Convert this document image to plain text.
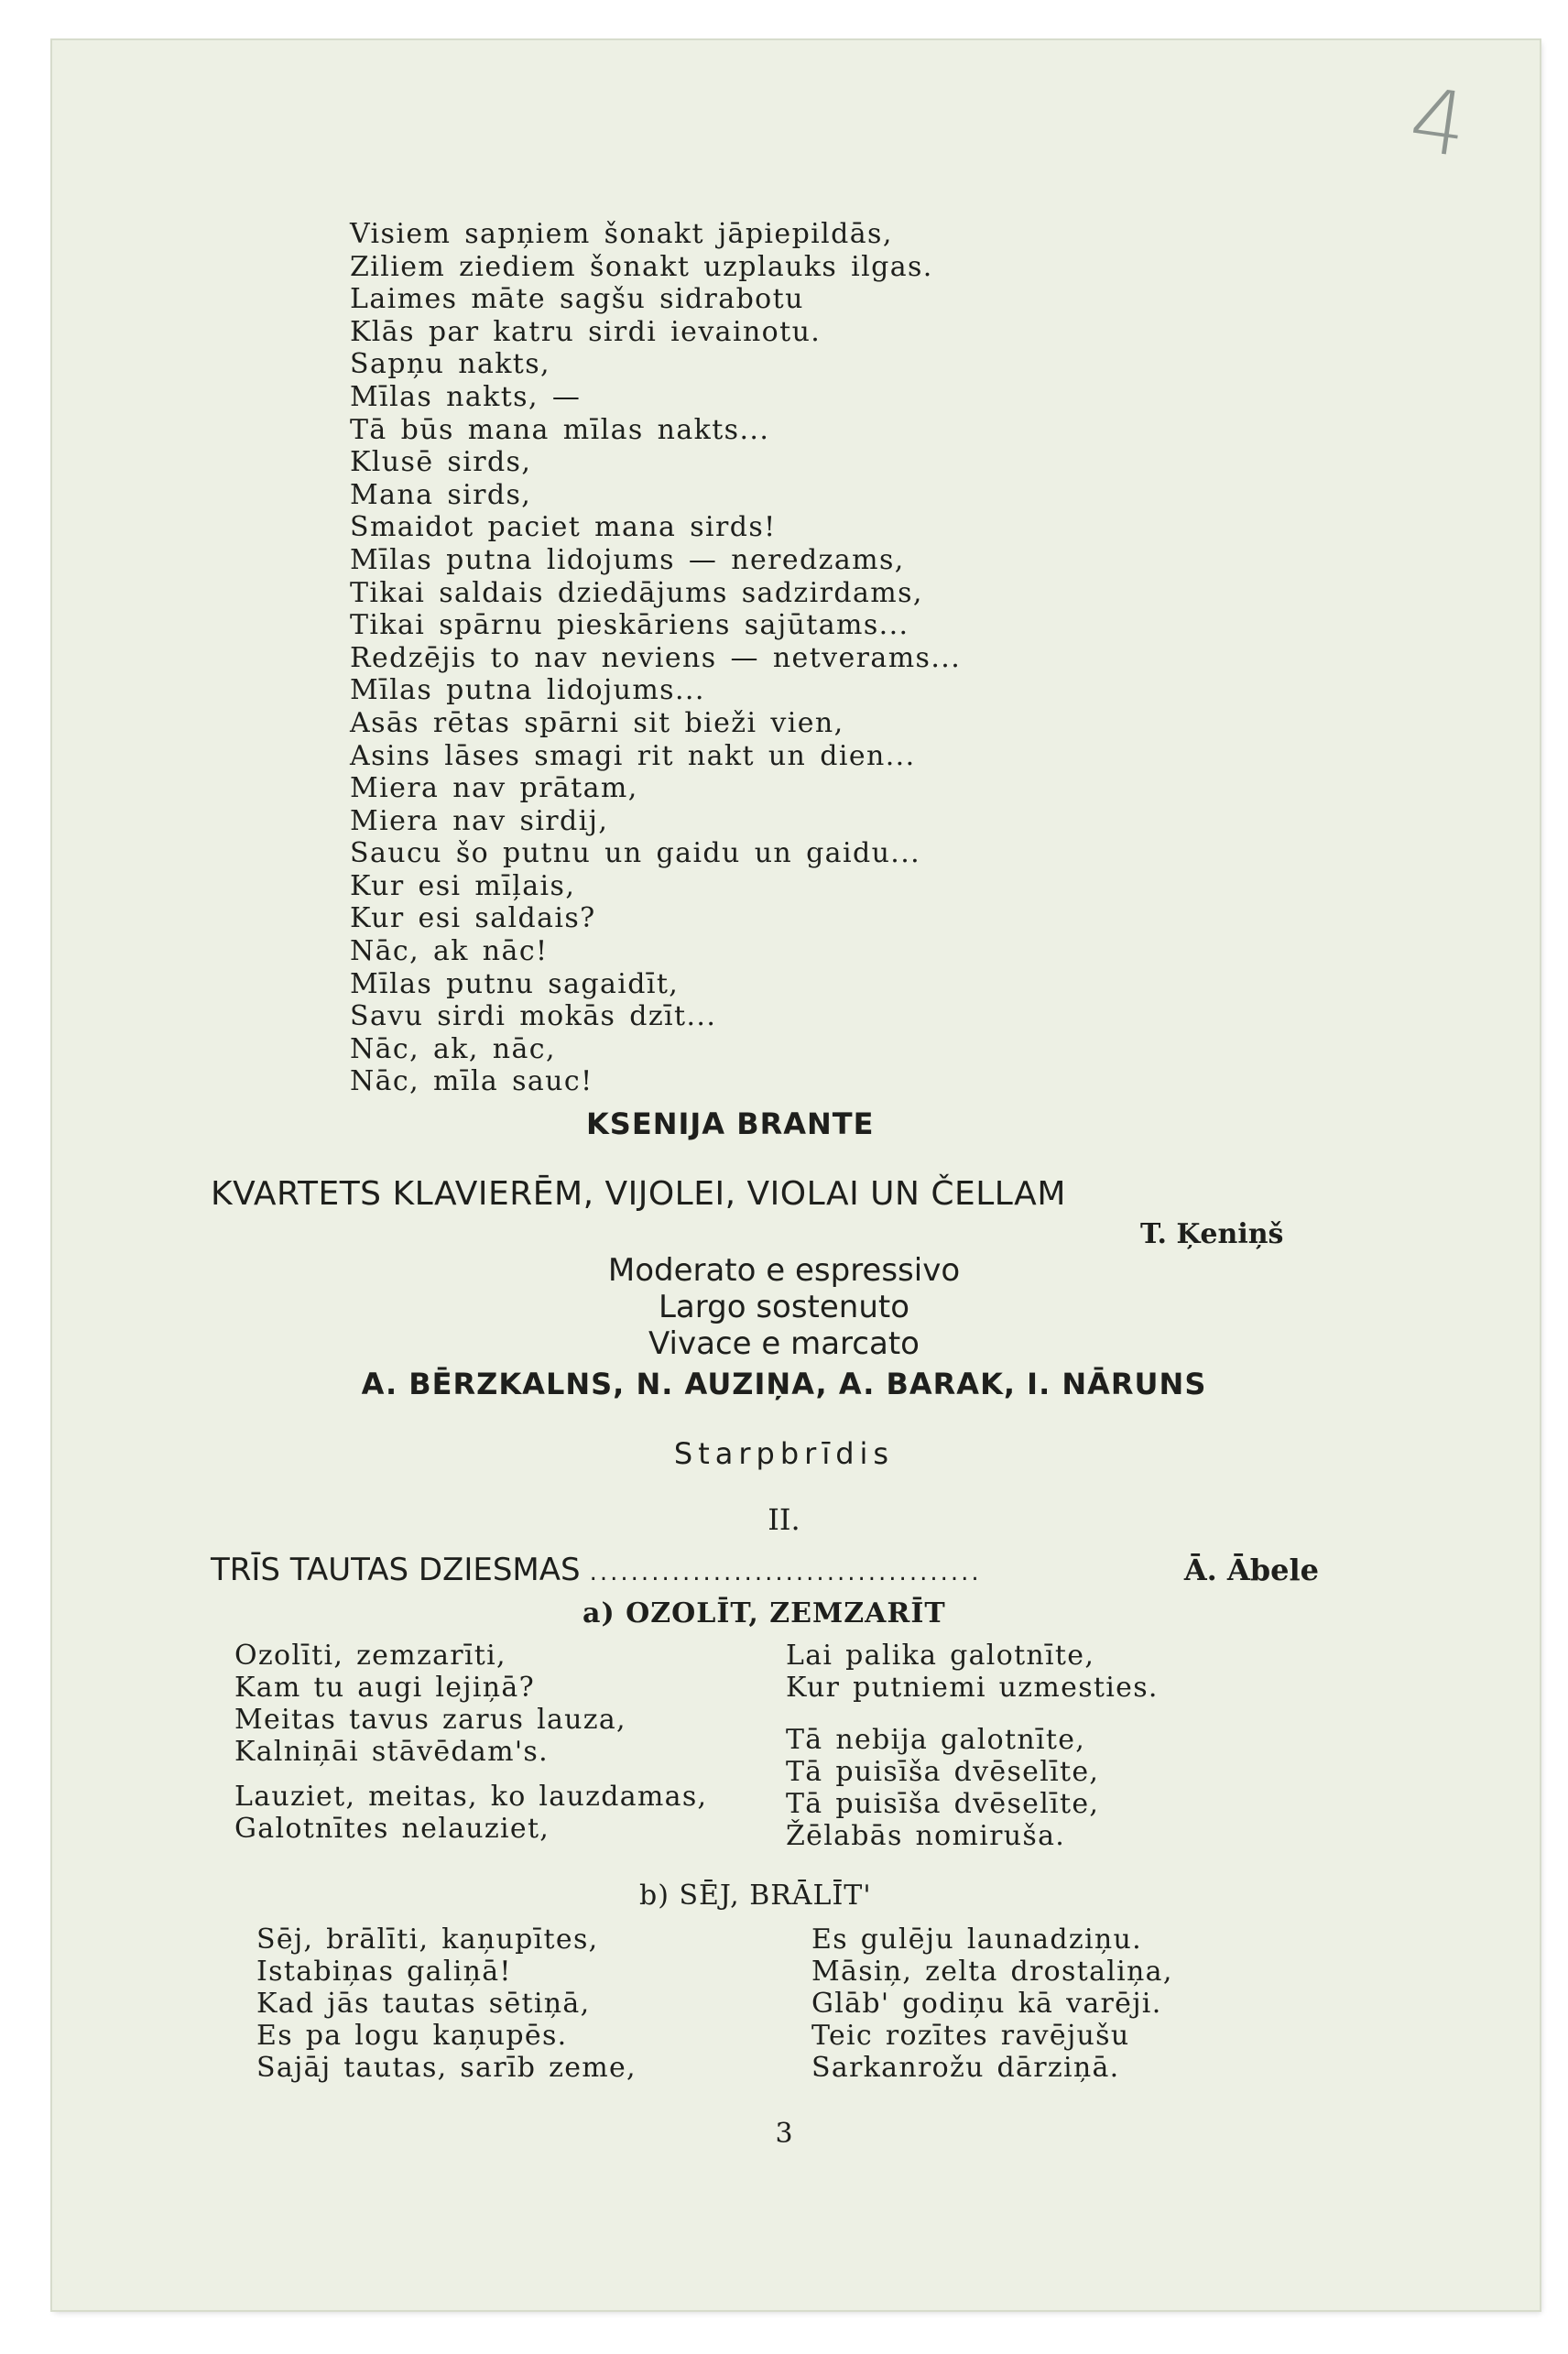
4
Visiem sapņiem šonakt jāpiepildās,
Ziliem ziediem šonakt uzplauks ilgas.
Laimes māte sagšu sidrabotu
Klās par katru sirdi ievainotu.
Sapņu nakts,
Mīlas nakts, —
Tā būs mana mīlas nakts...
Klusē sirds,
Mana sirds,
Smaidot paciet mana sirds!
Mīlas putna lidojums — neredzams,
Tikai saldais dziedājums sadzirdams,
Tikai spārnu pieskāriens sajūtams...
Redzējis to nav neviens — netverams...
Mīlas putna lidojums...
Asās rētas spārni sit bieži vien,
Asins lāses smagi rit nakt un dien...
Miera nav prātam,
Miera nav sirdij,
Saucu šo putnu un gaidu un gaidu...
Kur esi mīļais,
Kur esi saldais?
Nāc, ak nāc!
Mīlas putnu sagaidīt,
Savu sirdi mokās dzīt...
Nāc, ak, nāc,
Nāc, mīla sauc!
KSENIJA BRANTE
KVARTETS KLAVIERĒM, VIJOLEI, VIOLAI UN ČELLAM
T. Ķeniņš
Moderato e espressivo
Largo sostenuto
Vivace e marcato
A. BĒRZKALNS, N. AUZIŅA, A. BARAK, I. NĀRUNS
Starpbrīdis
II.
TRĪS TAUTAS DZIESMAS ......................................	Ā. Ābele
a) OZOLĪT, ZEMZARĪT
Ozolīti, zemzarīti,
Kam tu augi lejiņā?
Meitas tavus zarus lauza,
Kalniņāi stāvēdam's.
Lauziet, meitas, ko lauzdamas,
Galotnītes nelauziet,
Lai palika galotnīte,
Kur putniemi uzmesties.
Tā nebija galotnīte,
Tā puisīša dvēselīte,
Tā puisīša dvēselīte,
Žēlabās nomiruša.
b) SĒJ, BRĀLĪT'
Sēj, brālīti, kaņupītes,
Istabiņas galiņā!
Kad jās tautas sētiņā,
Es pa logu kaņupēs.
Sajāj tautas, sarīb zeme,
Es gulēju launadziņu.
Māsiņ, zelta drostaliņa,
Glāb' godiņu kā varēji.
Teic rozītes ravējušu
Sarkanrožu dārziņā.
3
